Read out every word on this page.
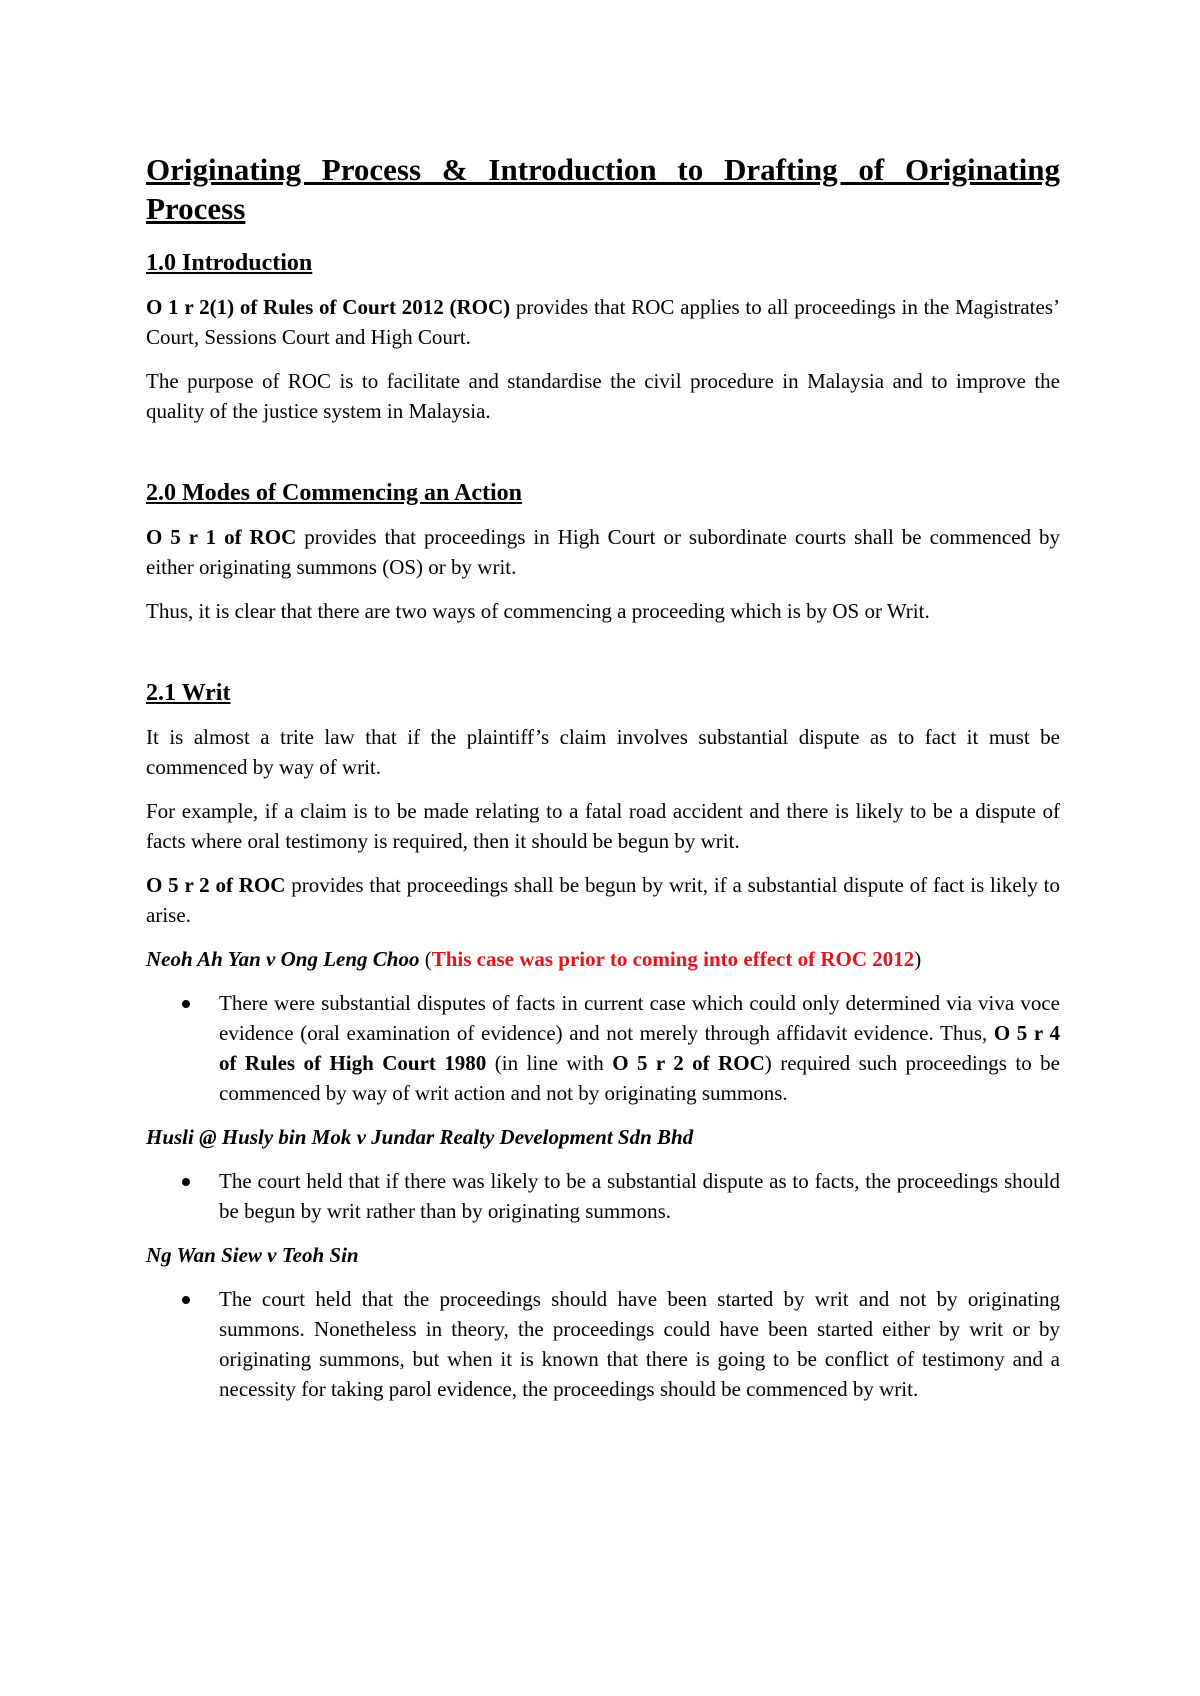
Originating Process & Introduction to Drafting of Originating Process
1.0 Introduction

O 1 r 2(1) of Rules of Court 2012 (ROC) provides that ROC applies to all proceedings in the Magistrates’ Court, Sessions Court and High Court.

The purpose of ROC is to facilitate and standardise the civil procedure in Malaysia and to improve the quality of the justice system in Malaysia.

2.0 Modes of Commencing an Action

O 5 r 1 of ROC provides that proceedings in High Court or subordinate courts shall be commenced by either originating summons (OS) or by writ.

Thus, it is clear that there are two ways of commencing a proceeding which is by OS or Writ.

2.1 Writ

It is almost a trite law that if the plaintiff’s claim involves substantial dispute as to fact it must be commenced by way of writ.

For example, if a claim is to be made relating to a fatal road accident and there is likely to be a dispute of facts where oral testimony is required, then it should be begun by writ.

O 5 r 2 of ROC provides that proceedings shall be begun by writ, if a substantial dispute of fact is likely to arise.

Neoh Ah Yan v Ong Leng Choo (This case was prior to coming into effect of ROC 2012)
There were substantial disputes of facts in current case which could only determined via viva voce evidence (oral examination of evidence) and not merely through affidavit evidence. Thus, O 5 r 4 of Rules of High Court 1980 (in line with O 5 r 2 of ROC) required such proceedings to be commenced by way of writ action and not by originating summons.
Husli @ Husly bin Mok v Jundar Realty Development Sdn Bhd
The court held that if there was likely to be a substantial dispute as to facts, the proceedings should be begun by writ rather than by originating summons.
Ng Wan Siew v Teoh Sin
The court held that the proceedings should have been started by writ and not by originating summons. Nonetheless in theory, the proceedings could have been started either by writ or by originating summons, but when it is known that there is going to be conflict of testimony and a necessity for taking parol evidence, the proceedings should be commenced by writ.
